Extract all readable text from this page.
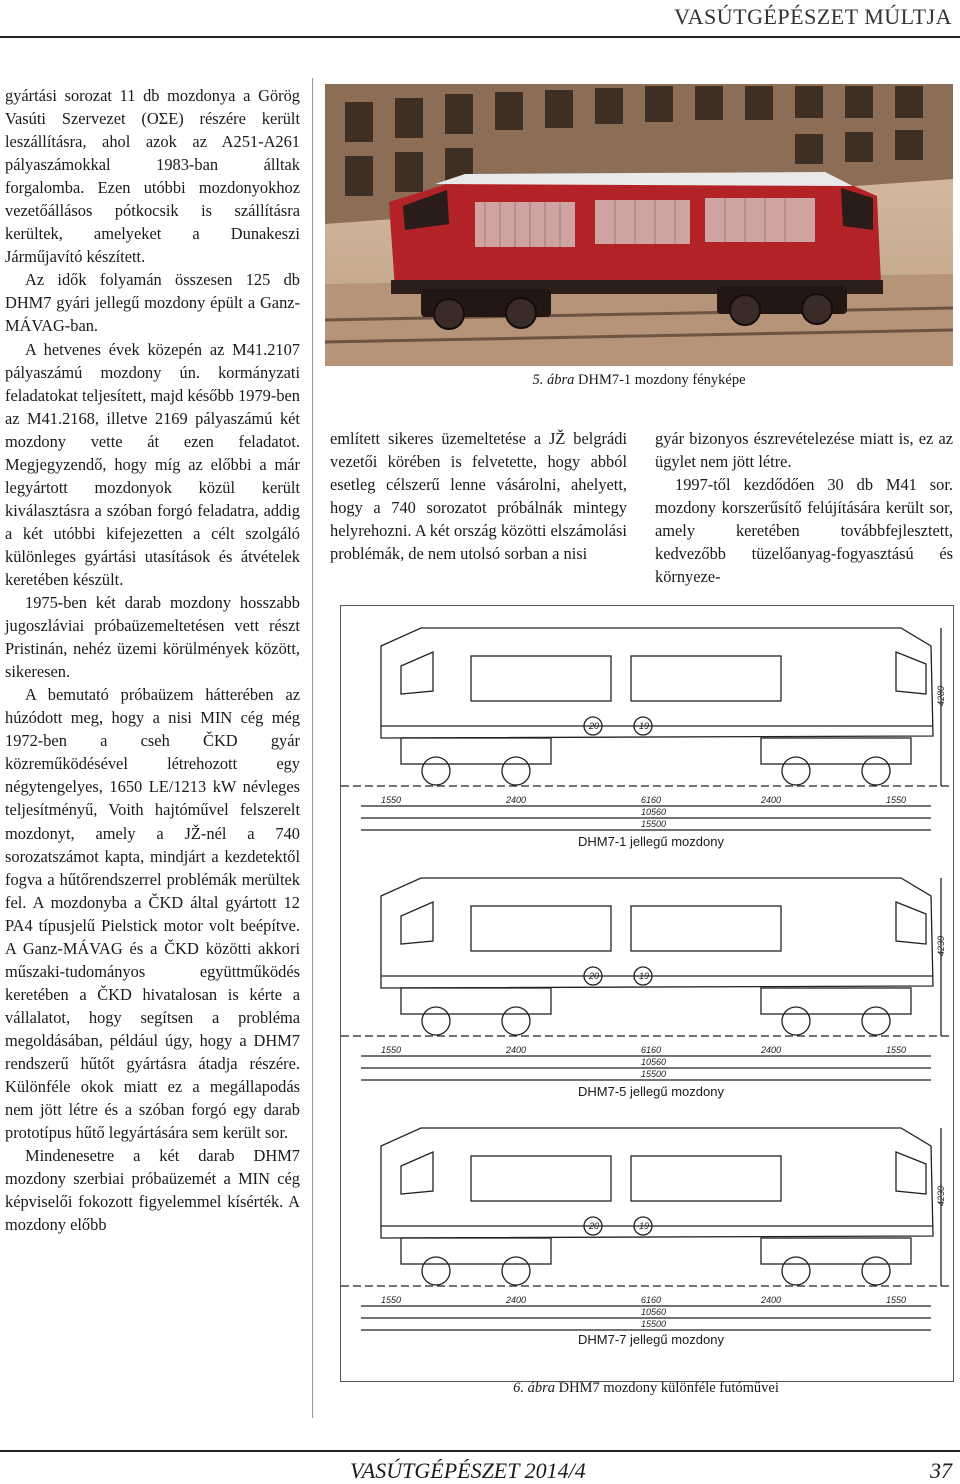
VASÚTGÉPÉSZET MÚLTJA

gyártási sorozat 11 db mozdonya a Görög Vasúti Szervezet (ΟΣΕ) részére került leszállításra, ahol azok az A251-A261 pályaszámokkal 1983-ban álltak forgalomba. Ezen utóbbi mozdonyokhoz vezetőállásos pótkocsik is szállításra kerültek, amelyeket a Dunakeszi Járműjavító készített.

Az idők folyamán összesen 125 db DHM7 gyári jellegű mozdony épült a Ganz-MÁVAG-ban.

A hetvenes évek közepén az M41.2107 pályaszámú mozdony ún. kormányzati feladatokat teljesített, majd később 1979-ben az M41.2168, illetve 2169 pályaszámú két mozdony vette át ezen feladatot. Megjegyzendő, hogy míg az előbbi a már legyártott mozdonyok közül került kiválasztásra a szóban forgó feladatra, addig a két utóbbi kifejezetten a célt szolgáló különleges gyártási utasítások és átvételek keretében készült.

1975-ben két darab mozdony hosszabb jugoszláviai próbaüzemeltetésen vett részt Pristinán, nehéz üzemi körülmények között, sikeresen.

A bemutató próbaüzem hátterében az húzódott meg, hogy a nisi MIN cég még 1972-ben a cseh ČKD gyár közreműködésével létrehozott egy négytengelyes, 1650 LE/1213 kW névleges teljesítményű, Voith hajtóművel felszerelt mozdonyt, amely a JŽ-nél a 740 sorozatszámot kapta, mindjárt a kezdetektől fogva a hűtőrendszerrel problémák merültek fel. A mozdonyba a ČKD által gyártott 12 PA4 típusjelű Pielstick motor volt beépítve. A Ganz-MÁVAG és a ČKD közötti akkori műszaki-tudományos együttműködés keretében a ČKD hivatalosan is kérte a vállalatot, hogy segítsen a probléma megoldásában, például úgy, hogy a DHM7 rendszerű hűtőt gyártásra átadja részére. Különféle okok miatt ez a megállapodás nem jött létre és a szóban forgó egy darab prototípus hűtő legyártására sem került sor.

Mindenesetre a két darab DHM7 mozdony szerbiai próbaüzemét a MIN cég képviselői fokozott figyelemmel kísérték. A mozdony előbb

5. ábra DHM7-1 mozdony fényképe

említett sikeres üzemeltetése a JŽ belgrádi vezetői körében is felvetette, hogy abból esetleg célszerű lenne vásárolni, ahelyett, hogy a 740 sorozatot próbálnák mintegy helyrehozni. A két ország közötti elszámolási problémák, de nem utolsó sorban a nisi

gyár bizonyos észrevételezése miatt is, ez az ügylet nem jött létre.

1997-től kezdődően 30 db M41 sor. mozdony korszerűsítő felújítására került sor, amely keretében továbbfejlesztett, kedvezőbb tüzelőanyag-fogyasztású és környeze-

1550	2400	6160	2400	1550
10560
15500
4280
20	19
1550	2400	6160	2400	1550
10560
15500
4230
20	19
1550	2400	6160	2400	1550
10560
15500
4230
20	19
DHM7-1 jellegű mozdony
DHM7-5 jellegű mozdony
DHM7-7 jellegű mozdony
6. ábra DHM7 mozdony különféle futóművei
VASÚTGÉPÉSZET 2014/4	37
